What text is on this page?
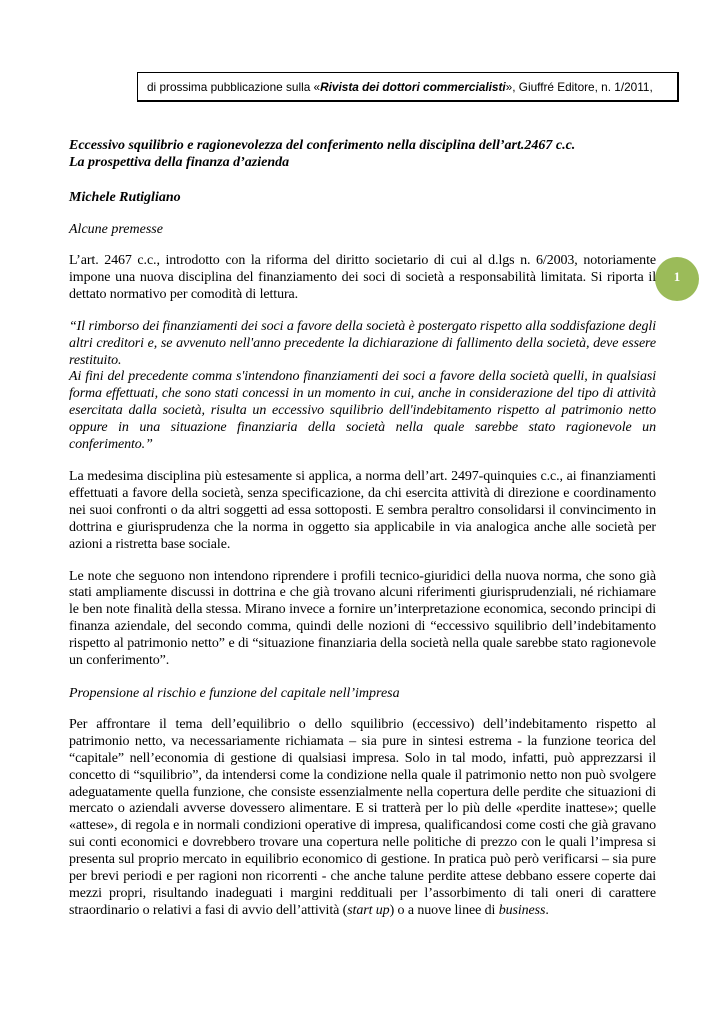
di prossima pubblicazione sulla «Rivista dei dottori commercialisti», Giuffré Editore, n. 1/2011,
1

Eccessivo squilibrio e ragionevolezza del conferimento nella disciplina dell’art.2467 c.c.

La prospettiva della finanza d’azienda

Michele Rutigliano

Alcune premesse

L’art. 2467 c.c., introdotto con la riforma del diritto societario di cui al d.lgs n. 6/2003, notoriamente impone una nuova disciplina del finanziamento dei soci di società a responsabilità limitata. Si riporta il dettato normativo per comodità di lettura.

“Il rimborso dei finanziamenti dei soci a favore della società è postergato rispetto alla soddisfazione degli altri creditori e, se avvenuto nell'anno precedente la dichiarazione di fallimento della società, deve essere restituito.

Ai fini del precedente comma s'intendono finanziamenti dei soci a favore della società quelli, in qualsiasi forma effettuati, che sono stati concessi in un momento in cui, anche in considerazione del tipo di attività esercitata dalla società, risulta un eccessivo squilibrio dell'indebitamento rispetto al patrimonio netto oppure in una situazione finanziaria della società nella quale sarebbe stato ragionevole un conferimento.”

La medesima disciplina più estesamente si applica, a norma dell’art. 2497-quinquies c.c., ai finanziamenti effettuati a favore della società, senza specificazione, da chi esercita attività di direzione e coordinamento nei suoi confronti o da altri soggetti ad essa sottoposti. E sembra peraltro consolidarsi il convincimento in dottrina e giurisprudenza che la norma in oggetto sia applicabile in via analogica anche alle società per azioni a ristretta base sociale.

Le note che seguono non intendono riprendere i profili tecnico-giuridici della nuova norma, che sono già stati ampliamente discussi in dottrina e che già trovano alcuni riferimenti giurisprudenziali, né richiamare le ben note finalità della stessa. Mirano invece a fornire un’interpretazione economica, secondo principi di finanza aziendale, del secondo comma, quindi delle nozioni di “eccessivo squilibrio dell’indebitamento rispetto al patrimonio netto” e di “situazione finanziaria della società nella quale sarebbe stato ragionevole un conferimento”.

Propensione al rischio e funzione del capitale nell’impresa

Per affrontare il tema dell’equilibrio o dello squilibrio (eccessivo) dell’indebitamento rispetto al patrimonio netto, va necessariamente richiamata – sia pure in sintesi estrema - la funzione teorica del “capitale” nell’economia di gestione di qualsiasi impresa. Solo in tal modo, infatti, può apprezzarsi il concetto di “squilibrio”, da intendersi come la condizione nella quale il patrimonio netto non può svolgere adeguatamente quella funzione, che consiste essenzialmente nella copertura delle perdite che situazioni di mercato o aziendali avverse dovessero alimentare. E si tratterà per lo più delle «perdite inattese»; quelle «attese», di regola e in normali condizioni operative di impresa, qualificandosi come costi che già gravano sui conti economici e dovrebbero trovare una copertura nelle politiche di prezzo con le quali l’impresa si presenta sul proprio mercato in equilibrio economico di gestione. In pratica può però verificarsi – sia pure per brevi periodi e per ragioni non ricorrenti - che anche talune perdite attese debbano essere coperte dai mezzi propri, risultando inadeguati i margini reddituali per l’assorbimento di tali oneri di carattere straordinario o relativi a fasi di avvio dell’attività (start up) o a nuove linee di business.
